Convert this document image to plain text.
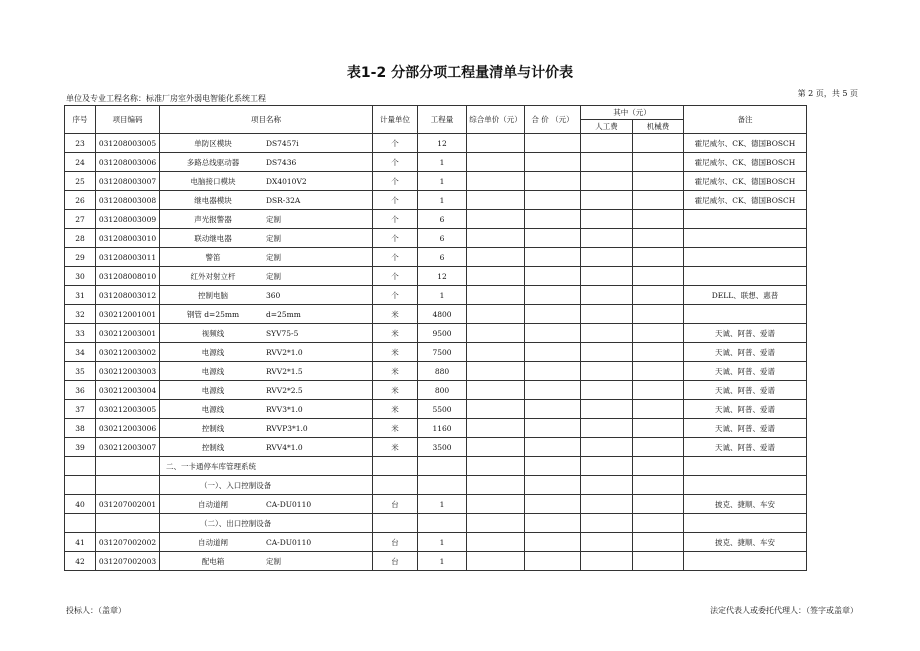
表1-2 分部分项工程量清单与计价表
单位及专业工程名称：标准厂房室外弱电智能化系统工程
第 2 页，共 5 页
序号	项目编码	项目名称	计量单位	工程量	综合单价（元）	合 价 （元）	其中（元）		备注
							人工费	机械费	
23	031208003005	单防区模块 DS7457i	个	12					霍尼威尔、CK、德国BOSCH
24	031208003006	多路总线驱动器 DS7436	个	1					霍尼威尔、CK、德国BOSCH
25	031208003007	电脑接口模块 DX4010V2	个	1					霍尼威尔、CK、德国BOSCH
26	031208003008	继电器模块 DSR-32A	个	1					霍尼威尔、CK、德国BOSCH
27	031208003009	声光报警器 定制	个	6					
28	031208003010	联动继电器 定制	个	6					
29	031208003011	警笛 定制	个	6					
30	031208008010	红外对射立杆 定制	个	12					
31	031208003012	控制电脑 360	个	1					DELL、联想、惠普
32	030212001001	钢管 d=25mm d=25mm	米	4800					
33	030212003001	视频线 SYV75-5	米	9500					天诚、阿普、爱谱
34	030212003002	电源线 RVV2*1.0	米	7500					天诚、阿普、爱谱
35	030212003003	电源线 RVV2*1.5	米	880					天诚、阿普、爱谱
36	030212003004	电源线 RVV2*2.5	米	800					天诚、阿普、爱谱
37	030212003005	电源线 RVV3*1.0	米	5500					天诚、阿普、爱谱
38	030212003006	控制线 RVVP3*1.0	米	1160					天诚、阿普、爱谱
39	030212003007	控制线 RVV4*1.0	米	3500					天诚、阿普、爱谱
		二、一卡通停车库管理系统							
		（一）、入口控制设备							
40	031207002001	自动道闸 CA-DU0110	台	1					披克、捷顺、车安
		（二）、出口控制设备							
41	031207002002	自动道闸 CA-DU0110	台	1					披克、捷顺、车安
42	031207002003	配电箱 定制	台	1					
投标人：（盖章）	法定代表人或委托代理人：（签字或盖章）
